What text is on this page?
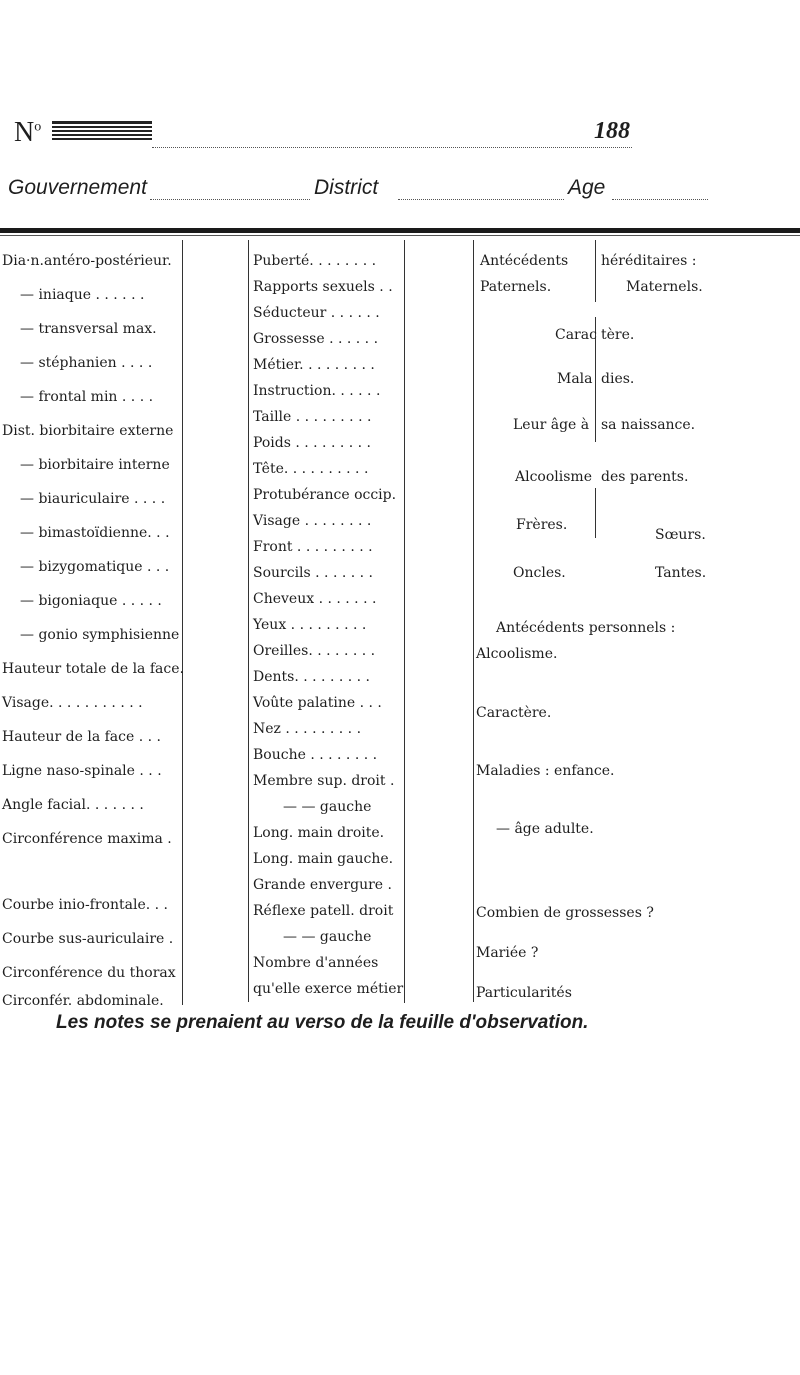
$N^o$	188
Gouvernement	District	Age
Dia·n.antéro-postérieur.
— iniaque . . . . . .
— transversal max.
— stéphanien . . . .
— frontal min . . . .
Dist. biorbitaire externe
— biorbitaire interne
— biauriculaire . . . .
— bimastoïdienne. . .
— bizygomatique . . .
— bigoniaque . . . . .
— gonio symphisienne
Hauteur totale de la face.
Visage. . . . . . . . . . .
Hauteur de la face . . .
Ligne naso-spinale . . .
Angle facial. . . . . . .
Circonférence maxima .
Courbe inio-frontale. . .
Courbe sus-auriculaire .
Circonférence du thorax
Circonfér. abdominale.
Puberté. . . . . . . .
Rapports sexuels . .
Séducteur . . . . . .
Grossesse . . . . . .
Métier. . . . . . . . .
Instruction. . . . . .
Taille . . . . . . . . .
Poids . . . . . . . . .
Tête. . . . . . . . . .
Protubérance occip.
Visage . . . . . . . .
Front . . . . . . . . .
Sourcils . . . . . . .
Cheveux . . . . . . .
Yeux . . . . . . . . .
Oreilles. . . . . . . .
Dents. . . . . . . . .
Voûte palatine . . .
Nez . . . . . . . . .
Bouche . . . . . . . .
Membre sup. droit .
— — gauche
Long. main droite.
Long. main gauche.
Grande envergure .
Réflexe patell. droit
— — gauche
Nombre d'années
qu'elle exerce métier
Antécédents héréditaires :
Paternels.	Maternels.
Carac tère.
Mala dies.
Leur âge à sa naissance.
Alcoolisme des parents.
Frères.
Sœurs.
Oncles.	Tantes.
Antécédents personnels :
Alcoolisme.
Caractère.
Maladies : enfance.
— âge adulte.
Combien de grossesses ?
Mariée ?
Particularités
Les notes se prenaient au verso de la feuille d'observation.
